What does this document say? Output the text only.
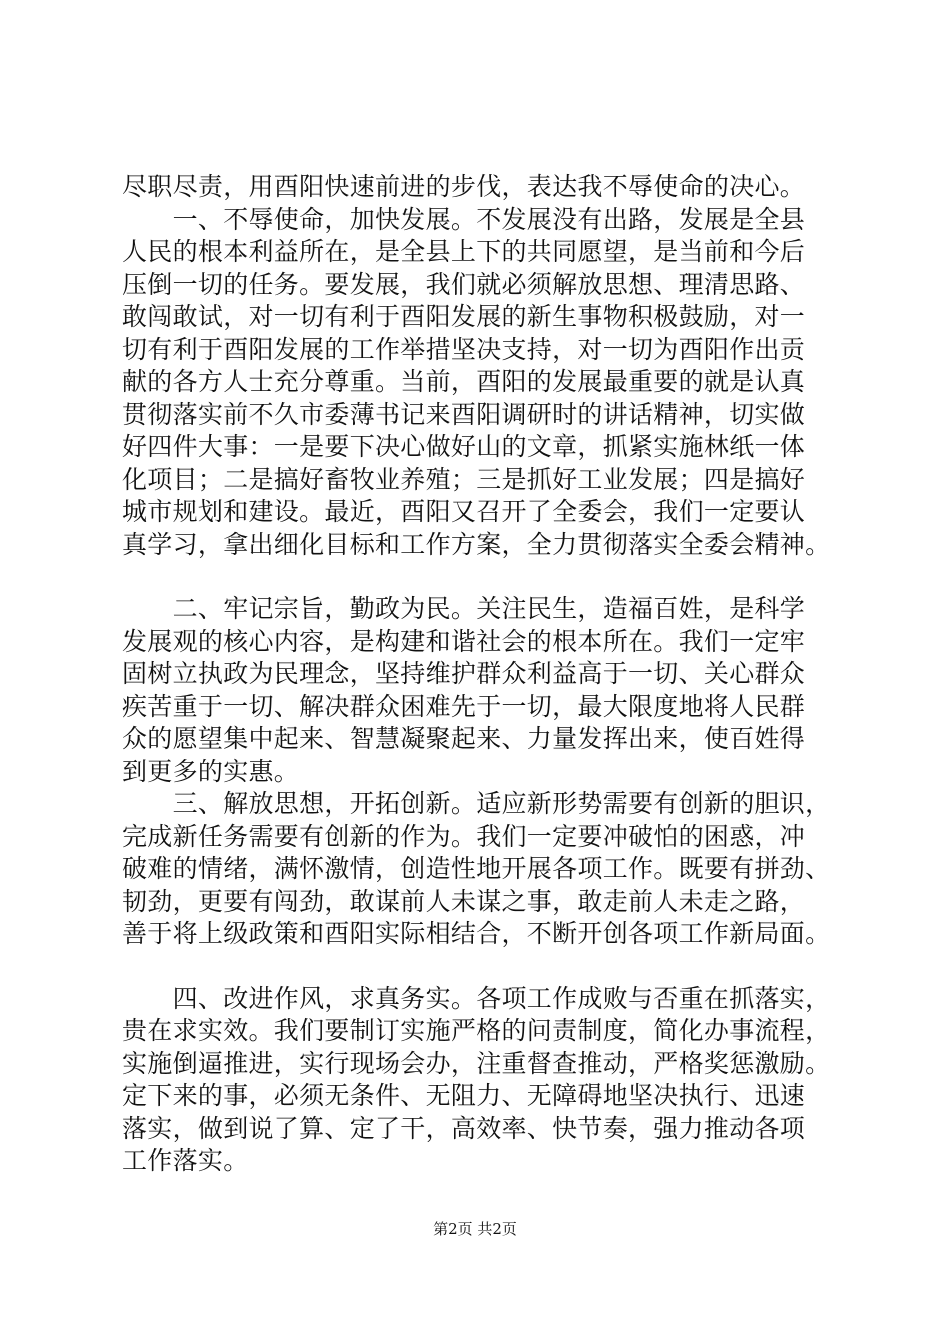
尽职尽责，用酉阳快速前进的步伐，表达我不辱使命的决心。
　　一、不辱使命，加快发展。不发展没有出路，发展是全县
人民的根本利益所在，是全县上下的共同愿望，是当前和今后
压倒一切的任务。要发展，我们就必须解放思想、理清思路、
敢闯敢试，对一切有利于酉阳发展的新生事物积极鼓励，对一
切有利于酉阳发展的工作举措坚决支持，对一切为酉阳作出贡
献的各方人士充分尊重。当前，酉阳的发展最重要的就是认真
贯彻落实前不久市委薄书记来酉阳调研时的讲话精神，切实做
好四件大事：一是要下决心做好山的文章，抓紧实施林纸一体
化项目；二是搞好畜牧业养殖；三是抓好工业发展；四是搞好
城市规划和建设。最近，酉阳又召开了全委会，我们一定要认
真学习，拿出细化目标和工作方案，全力贯彻落实全委会精神。
　　二、牢记宗旨，勤政为民。关注民生，造福百姓，是科学
发展观的核心内容，是构建和谐社会的根本所在。我们一定牢
固树立执政为民理念，坚持维护群众利益高于一切、关心群众
疾苦重于一切、解决群众困难先于一切，最大限度地将人民群
众的愿望集中起来、智慧凝聚起来、力量发挥出来，使百姓得
到更多的实惠。
　　三、解放思想，开拓创新。适应新形势需要有创新的胆识，
完成新任务需要有创新的作为。我们一定要冲破怕的困惑，冲
破难的情绪，满怀激情，创造性地开展各项工作。既要有拼劲、
韧劲，更要有闯劲，敢谋前人未谋之事，敢走前人未走之路，
善于将上级政策和酉阳实际相结合，不断开创各项工作新局面。
　　四、改进作风，求真务实。各项工作成败与否重在抓落实，
贵在求实效。我们要制订实施严格的问责制度，简化办事流程，
实施倒逼推进，实行现场会办，注重督查推动，严格奖惩激励。
定下来的事，必须无条件、无阻力、无障碍地坚决执行、迅速
落实，做到说了算、定了干，高效率、快节奏，强力推动各项
工作落实。
第2页 共2页
